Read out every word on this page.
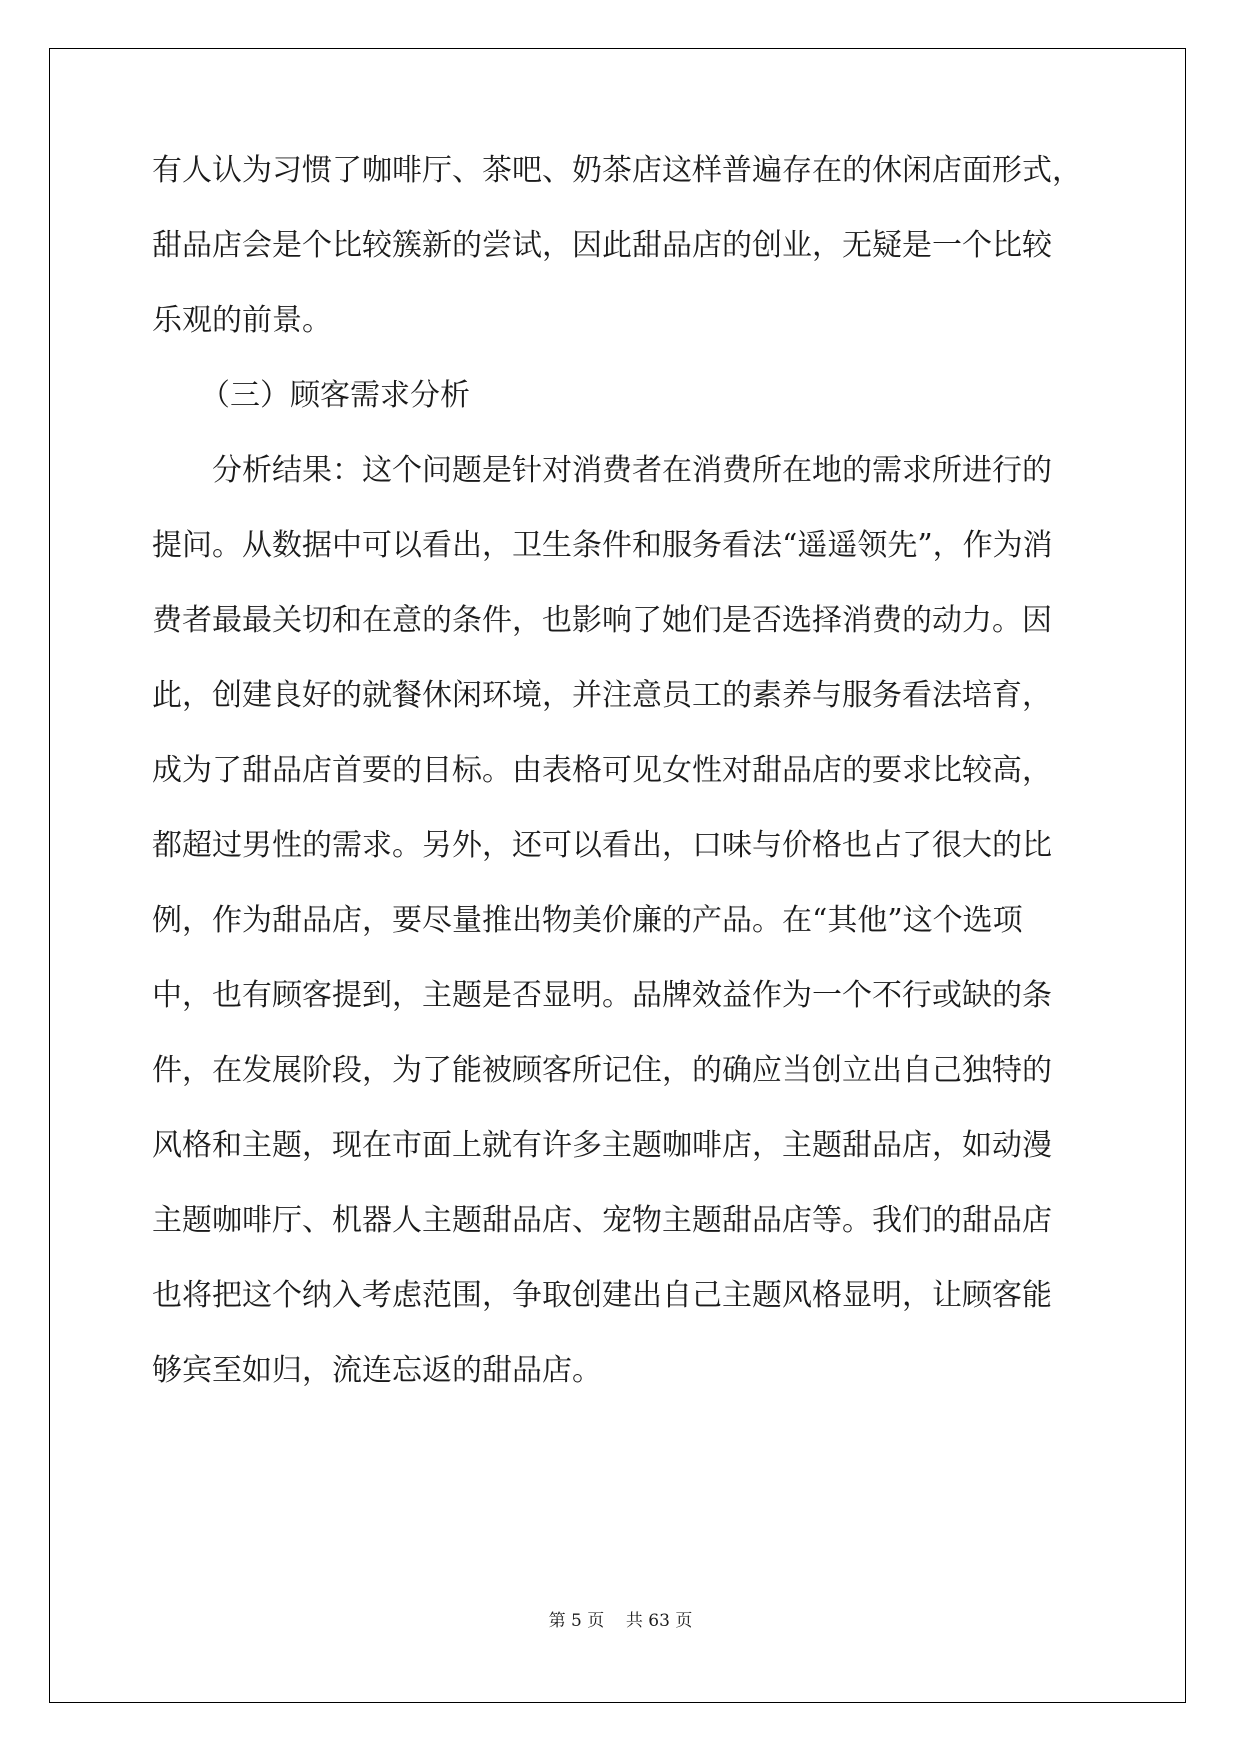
有人认为习惯了咖啡厅、茶吧、奶茶店这样普遍存在的休闲店面形式，
甜品店会是个比较簇新的尝试，因此甜品店的创业，无疑是一个比较
乐观的前景。
（三）顾客需求分析
分析结果：这个问题是针对消费者在消费所在地的需求所进行的
提问。从数据中可以看出，卫生条件和服务看法“遥遥领先”，作为消
费者最最关切和在意的条件，也影响了她们是否选择消费的动力。因
此，创建良好的就餐休闲环境，并注意员工的素养与服务看法培育，
成为了甜品店首要的目标。由表格可见女性对甜品店的要求比较高，
都超过男性的需求。另外，还可以看出，口味与价格也占了很大的比
例，作为甜品店，要尽量推出物美价廉的产品。在“其他”这个选项
中，也有顾客提到，主题是否显明。品牌效益作为一个不行或缺的条
件，在发展阶段，为了能被顾客所记住，的确应当创立出自己独特的
风格和主题，现在市面上就有许多主题咖啡店，主题甜品店，如动漫
主题咖啡厅、机器人主题甜品店、宠物主题甜品店等。我们的甜品店
也将把这个纳入考虑范围，争取创建出自己主题风格显明，让顾客能
够宾至如归，流连忘返的甜品店。
第 5 页    共 63 页
